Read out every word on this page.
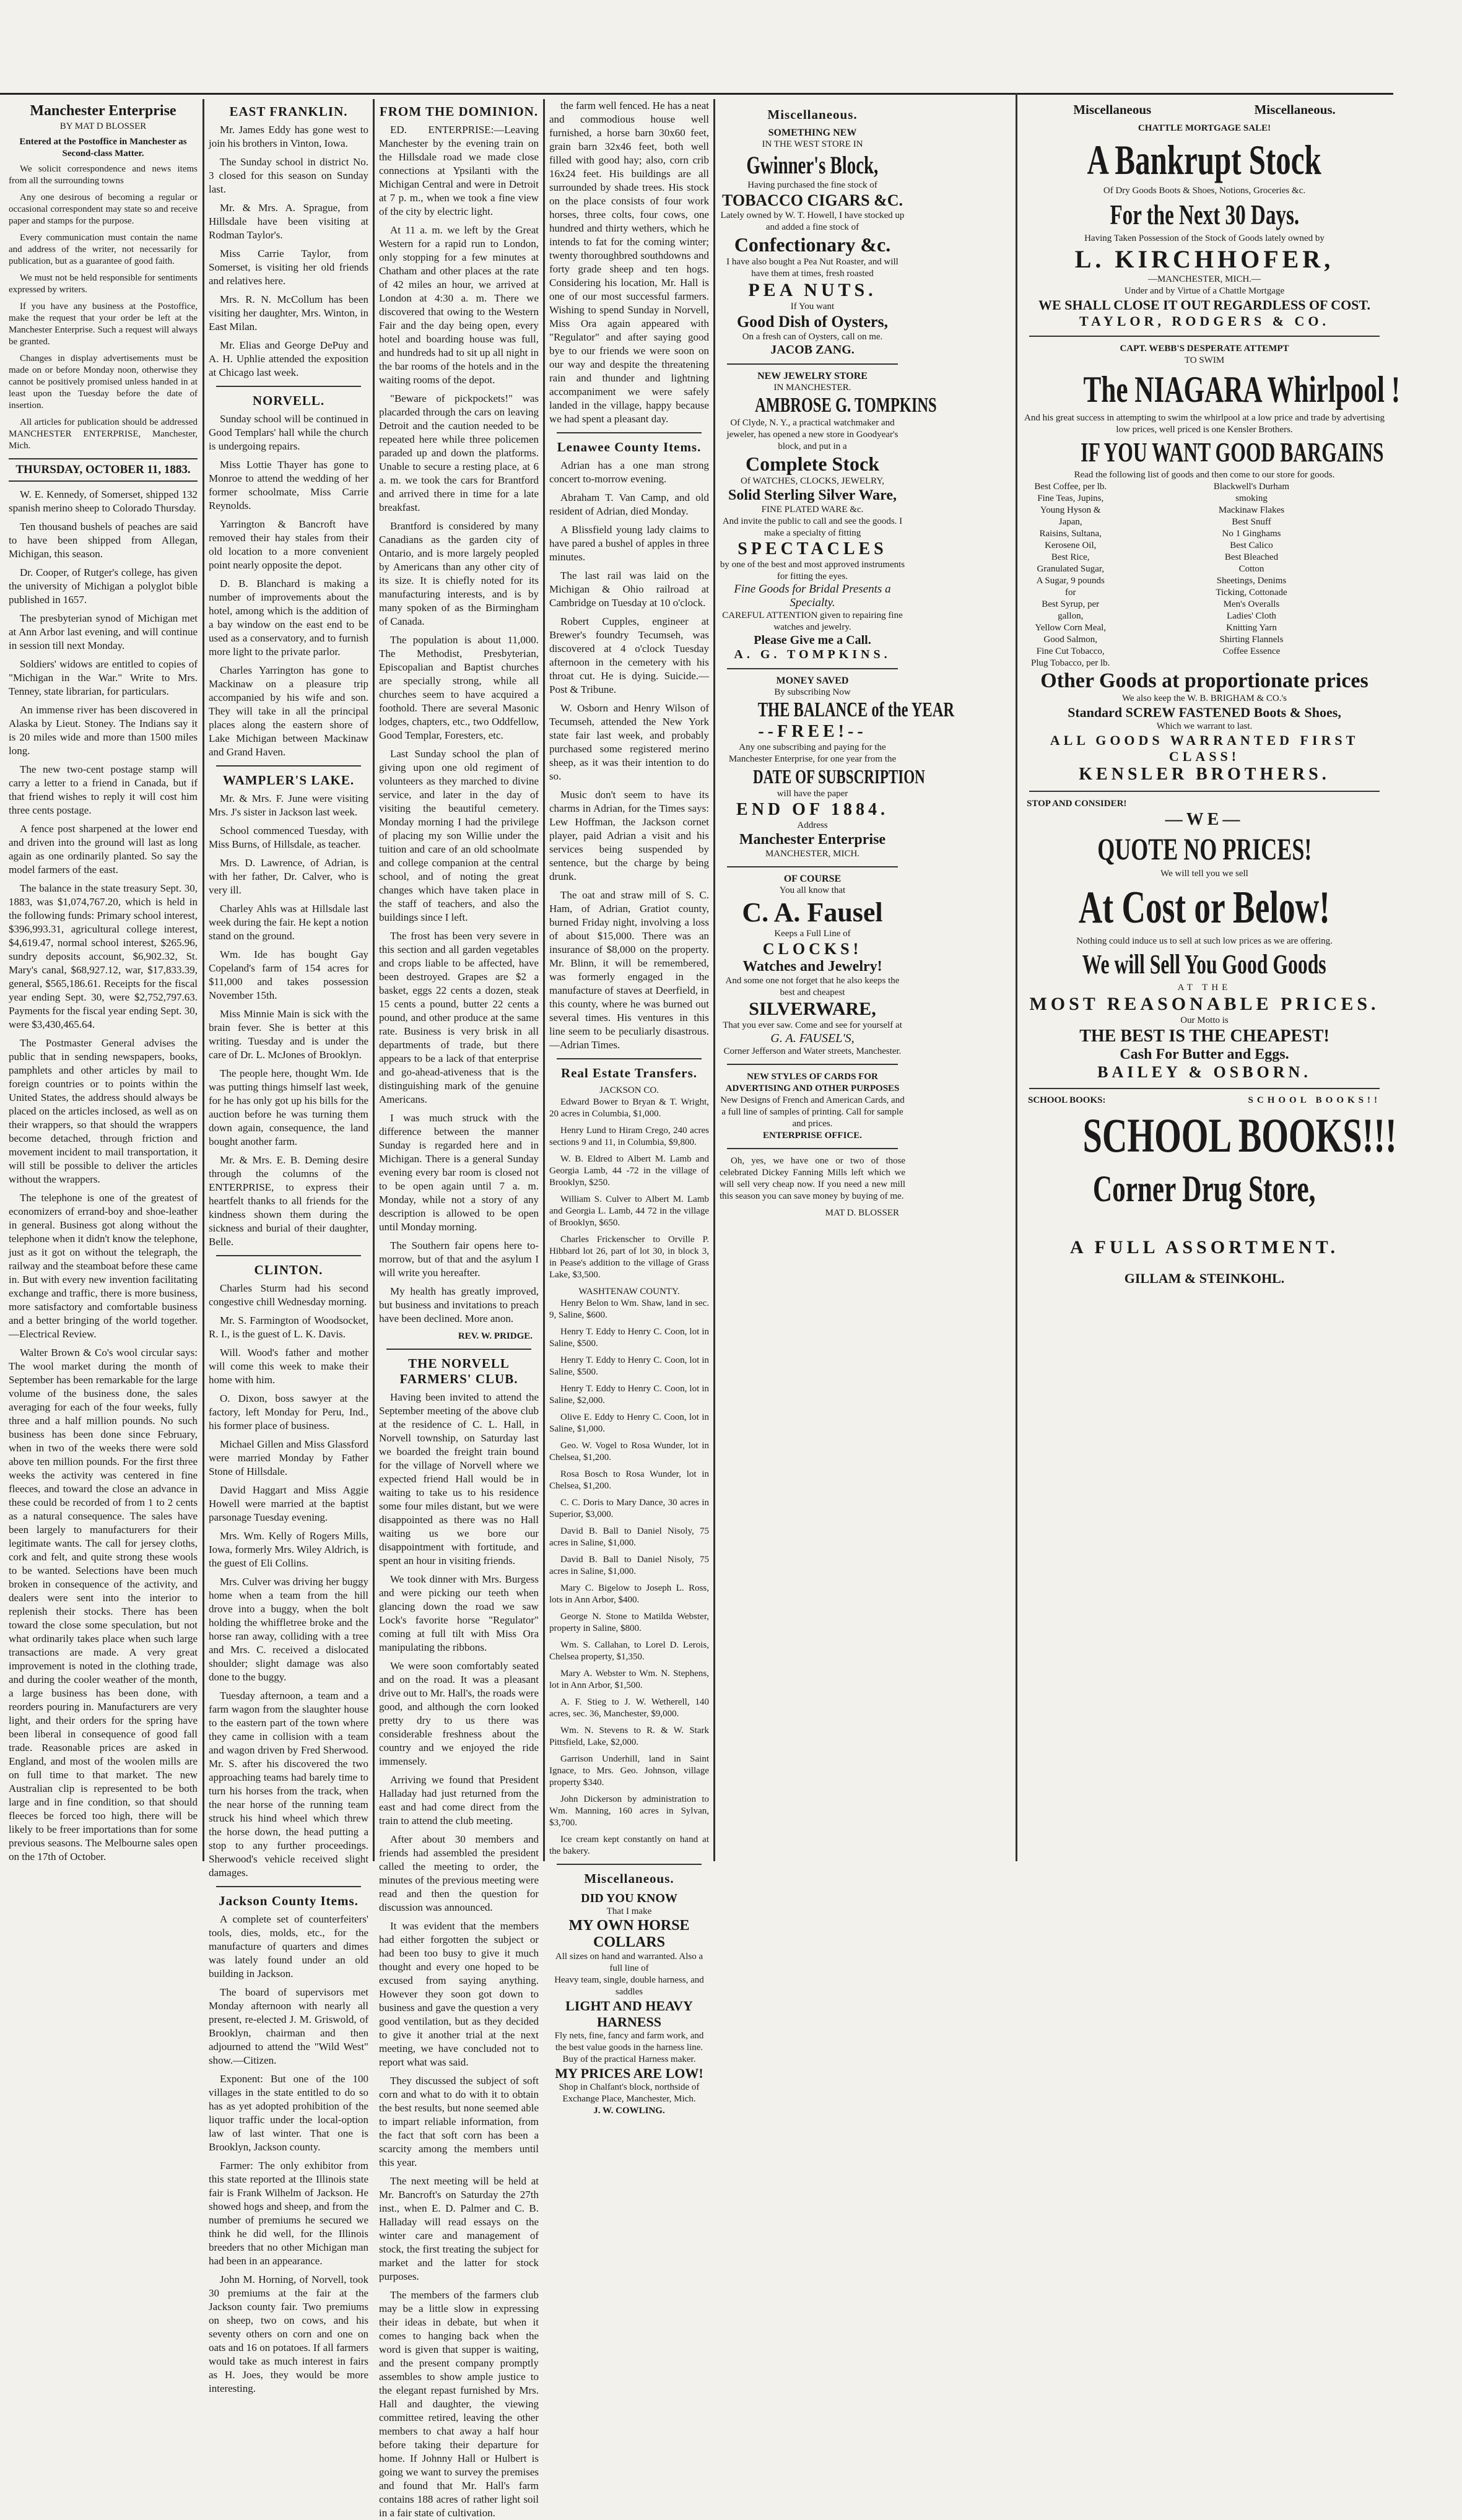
Manchester Enterprise
BY MAT D BLOSSER
Entered at the Postoffice in Manchester as Second-class Matter.
We solicit correspondence and news items from all the surrounding towns
Any one desirous of becoming a regular or occasional correspondent may state so and receive paper and stamps for the purpose.
Every communication must contain the name and address of the writer, not necessarily for publication, but as a guarantee of good faith.
We must not be held responsible for sentiments expressed by writers.
If you have any business at the Postoffice, make the request that your order be left at the Manchester Enterprise. Such a request will always be granted.
Changes in display advertisements must be made on or before Monday noon, otherwise they cannot be positively promised unless handed in at least upon the Tuesday before the date of insertion.
All articles for publication should be addressed MANCHESTER ENTERPRISE, Manchester, Mich.
THURSDAY, OCTOBER 11, 1883.
W. E. Kennedy, of Somerset, shipped 132 spanish merino sheep to Colorado Thursday.
Ten thousand bushels of peaches are said to have been shipped from Allegan, Michigan, this season.
Dr. Cooper, of Rutger's college, has given the university of Michigan a polyglot bible published in 1657.
The presbyterian synod of Michigan met at Ann Arbor last evening, and will continue in session till next Monday.
Soldiers' widows are entitled to copies of "Michigan in the War." Write to Mrs. Tenney, state librarian, for particulars.
An immense river has been discovered in Alaska by Lieut. Stoney. The Indians say it is 20 miles wide and more than 1500 miles long.
The new two-cent postage stamp will carry a letter to a friend in Canada, but if that friend wishes to reply it will cost him three cents postage.
A fence post sharpened at the lower end and driven into the ground will last as long again as one ordinarily planted. So say the model farmers of the east.
The balance in the state treasury Sept. 30, 1883, was $1,074,767.20, which is held in the following funds: Primary school interest, $396,993.31, agricultural college interest, $4,619.47, normal school interest, $265.96, sundry deposits account, $6,902.32, St. Mary's canal, $68,927.12, war, $17,833.39, general, $565,186.61. Receipts for the fiscal year ending Sept. 30, were $2,752,797.63. Payments for the fiscal year ending Sept. 30, were $3,430,465.64.
The Postmaster General advises the public that in sending newspapers, books, pamphlets and other articles by mail to foreign countries or to points within the United States, the address should always be placed on the articles inclosed, as well as on their wrappers, so that should the wrappers become detached, through friction and movement incident to mail transportation, it will still be possible to deliver the articles without the wrappers.
The telephone is one of the greatest of economizers of errand-boy and shoe-leather in general. Business got along without the telephone when it didn't know the telephone, just as it got on without the telegraph, the railway and the steamboat before these came in. But with every new invention facilitating exchange and traffic, there is more business, more satisfactory and comfortable business and a better bringing of the world together.—Electrical Review.
Walter Brown & Co's wool circular says: The wool market during the month of September has been remarkable for the large volume of the business done, the sales averaging for each of the four weeks, fully three and a half million pounds. No such business has been done since February, when in two of the weeks there were sold above ten million pounds. For the first three weeks the activity was centered in fine fleeces, and toward the close an advance in these could be recorded of from 1 to 2 cents as a natural consequence. The sales have been largely to manufacturers for their legitimate wants. The call for jersey cloths, cork and felt, and quite strong these wools to be wanted. Selections have been much broken in consequence of the activity, and dealers were sent into the interior to replenish their stocks. There has been toward the close some speculation, but not what ordinarily takes place when such large transactions are made. A very great improvement is noted in the clothing trade, and during the cooler weather of the month, a large business has been done, with reorders pouring in. Manufacturers are very light, and their orders for the spring have been liberal in consequence of good fall trade. Reasonable prices are asked in England, and most of the woolen mills are on full time to that market. The new Australian clip is represented to be both large and in fine condition, so that should fleeces be forced too high, there will be likely to be freer importations than for some previous seasons. The Melbourne sales open on the 17th of October.
EAST FRANKLIN.
Mr. James Eddy has gone west to join his brothers in Vinton, Iowa.
The Sunday school in district No. 3 closed for this season on Sunday last.
Mr. & Mrs. A. Sprague, from Hillsdale have been visiting at Rodman Taylor's.
Miss Carrie Taylor, from Somerset, is visiting her old friends and relatives here.
Mrs. R. N. McCollum has been visiting her daughter, Mrs. Winton, in East Milan.
Mr. Elias and George DePuy and A. H. Uphlie attended the exposition at Chicago last week.
NORVELL.
Sunday school will be continued in Good Templars' hall while the church is undergoing repairs.
Miss Lottie Thayer has gone to Monroe to attend the wedding of her former schoolmate, Miss Carrie Reynolds.
Yarrington & Bancroft have removed their hay stales from their old location to a more convenient point nearly opposite the depot.
D. B. Blanchard is making a number of improvements about the hotel, among which is the addition of a bay window on the east end to be used as a conservatory, and to furnish more light to the private parlor.
Charles Yarrington has gone to Mackinaw on a pleasure trip accompanied by his wife and son. They will take in all the principal places along the eastern shore of Lake Michigan between Mackinaw and Grand Haven.
WAMPLER'S LAKE.
Mr. & Mrs. F. June were visiting Mrs. J's sister in Jackson last week.
School commenced Tuesday, with Miss Burns, of Hillsdale, as teacher.
Mrs. D. Lawrence, of Adrian, is with her father, Dr. Calver, who is very ill.
Charley Ahls was at Hillsdale last week during the fair. He kept a notion stand on the ground.
Wm. Ide has bought Gay Copeland's farm of 154 acres for $11,000 and takes possession November 15th.
Miss Minnie Main is sick with the brain fever. She is better at this writing. Tuesday and is under the care of Dr. L. McJones of Brooklyn.
The people here, thought Wm. Ide was putting things himself last week, for he has only got up his bills for the auction before he was turning them down again, consequence, the land bought another farm.
Mr. & Mrs. E. B. Deming desire through the columns of the ENTERPRISE, to express their heartfelt thanks to all friends for the kindness shown them during the sickness and burial of their daughter, Belle.
CLINTON.
Charles Sturm had his second congestive chill Wednesday morning.
Mr. S. Farmington of Woodsocket, R. I., is the guest of L. K. Davis.
Will. Wood's father and mother will come this week to make their home with him.
O. Dixon, boss sawyer at the factory, left Monday for Peru, Ind., his former place of business.
Michael Gillen and Miss Glassford were married Monday by Father Stone of Hillsdale.
David Haggart and Miss Aggie Howell were married at the baptist parsonage Tuesday evening.
Mrs. Wm. Kelly of Rogers Mills, Iowa, formerly Mrs. Wiley Aldrich, is the guest of Eli Collins.
Mrs. Culver was driving her buggy home when a team from the hill drove into a buggy, when the bolt holding the whiffletree broke and the horse ran away, colliding with a tree and Mrs. C. received a dislocated shoulder; slight damage was also done to the buggy.
Tuesday afternoon, a team and a farm wagon from the slaughter house to the eastern part of the town where they came in collision with a team and wagon driven by Fred Sherwood. Mr. S. after his discovered the two approaching teams had barely time to turn his horses from the track, when the near horse of the running team struck his hind wheel which threw the horse down, the head putting a stop to any further proceedings. Sherwood's vehicle received slight damages.
Jackson County Items.
A complete set of counterfeiters' tools, dies, molds, etc., for the manufacture of quarters and dimes was lately found under an old building in Jackson.
The board of supervisors met Monday afternoon with nearly all present, re-elected J. M. Griswold, of Brooklyn, chairman and then adjourned to attend the "Wild West" show.—Citizen.
Exponent: But one of the 100 villages in the state entitled to do so has as yet adopted prohibition of the liquor traffic under the local-option law of last winter. That one is Brooklyn, Jackson county.
Farmer: The only exhibitor from this state reported at the Illinois state fair is Frank Wilhelm of Jackson. He showed hogs and sheep, and from the number of premiums he secured we think he did well, for the Illinois breeders that no other Michigan man had been in an appearance.
John M. Horning, of Norvell, took 30 premiums at the fair at the Jackson county fair. Two premiums on sheep, two on cows, and his seventy others on corn and one on oats and 16 on potatoes. If all farmers would take as much interest in fairs as H. Joes, they would be more interesting.
FROM THE DOMINION.
ED. ENTERPRISE:—Leaving Manchester by the evening train on the Hillsdale road we made close connections at Ypsilanti with the Michigan Central and were in Detroit at 7 p. m., when we took a fine view of the city by electric light.
At 11 a. m. we left by the Great Western for a rapid run to London, only stopping for a few minutes at Chatham and other places at the rate of 42 miles an hour, we arrived at London at 4:30 a. m. There we discovered that owing to the Western Fair and the day being open, every hotel and boarding house was full, and hundreds had to sit up all night in the bar rooms of the hotels and in the waiting rooms of the depot.
"Beware of pickpockets!" was placarded through the cars on leaving Detroit and the caution needed to be repeated here while three policemen paraded up and down the platforms. Unable to secure a resting place, at 6 a. m. we took the cars for Brantford and arrived there in time for a late breakfast.
Brantford is considered by many Canadians as the garden city of Ontario, and is more largely peopled by Americans than any other city of its size. It is chiefly noted for its manufacturing interests, and is by many spoken of as the Birmingham of Canada.
The population is about 11,000. The Methodist, Presbyterian, Episcopalian and Baptist churches are specially strong, while all churches seem to have acquired a foothold. There are several Masonic lodges, chapters, etc., two Oddfellow, Good Templar, Foresters, etc.
Last Sunday school the plan of giving upon one old regiment of volunteers as they marched to divine service, and later in the day of visiting the beautiful cemetery. Monday morning I had the privilege of placing my son Willie under the tuition and care of an old schoolmate and college companion at the central school, and of noting the great changes which have taken place in the staff of teachers, and also the buildings since I left.
The frost has been very severe in this section and all garden vegetables and crops liable to be affected, have been destroyed. Grapes are $2 a basket, eggs 22 cents a dozen, steak 15 cents a pound, butter 22 cents a pound, and other produce at the same rate. Business is very brisk in all departments of trade, but there appears to be a lack of that enterprise and go-ahead-ativeness that is the distinguishing mark of the genuine Americans.
I was much struck with the difference between the manner Sunday is regarded here and in Michigan. There is a general Sunday evening every bar room is closed not to be open again until 7 a. m. Monday, while not a story of any description is allowed to be open until Monday morning.
The Southern fair opens here to-morrow, but of that and the asylum I will write you hereafter.
My health has greatly improved, but business and invitations to preach have been declined. More anon.
REV. W. PRIDGE.
THE NORVELL FARMERS' CLUB.
Having been invited to attend the September meeting of the above club at the residence of C. L. Hall, in Norvell township, on Saturday last we boarded the freight train bound for the village of Norvell where we expected friend Hall would be in waiting to take us to his residence some four miles distant, but we were disappointed as there was no Hall waiting us we bore our disappointment with fortitude, and spent an hour in visiting friends.
We took dinner with Mrs. Burgess and were picking our teeth when glancing down the road we saw Lock's favorite horse "Regulator" coming at full tilt with Miss Ora manipulating the ribbons.
We were soon comfortably seated and on the road. It was a pleasant drive out to Mr. Hall's, the roads were good, and although the corn looked pretty dry to us there was considerable freshness about the country and we enjoyed the ride immensely.
Arriving we found that President Halladay had just returned from the east and had come direct from the train to attend the club meeting.
After about 30 members and friends had assembled the president called the meeting to order, the minutes of the previous meeting were read and then the question for discussion was announced.
It was evident that the members had either forgotten the subject or had been too busy to give it much thought and every one hoped to be excused from saying anything. However they soon got down to business and gave the question a very good ventilation, but as they decided to give it another trial at the next meeting, we have concluded not to report what was said.
They discussed the subject of soft corn and what to do with it to obtain the best results, but none seemed able to impart reliable information, from the fact that soft corn has been a scarcity among the members until this year.
The next meeting will be held at Mr. Bancroft's on Saturday the 27th inst., when E. D. Palmer and C. B. Halladay will read essays on the winter care and management of stock, the first treating the subject for market and the latter for stock purposes.
The members of the farmers club may be a little slow in expressing their ideas in debate, but when it comes to hanging back when the word is given that supper is waiting, and the present company promptly assembles to show ample justice to the elegant repast furnished by Mrs. Hall and daughter, the viewing committee retired, leaving the other members to chat away a half hour before taking their departure for home. If Johnny Hall or Hulbert is going we want to survey the premises and found that Mr. Hall's farm contains 188 acres of rather light soil in a fair state of cultivation.
the farm well fenced. He has a neat and commodious house well furnished, a horse barn 30x60 feet, grain barn 32x46 feet, both well filled with good hay; also, corn crib 16x24 feet. His buildings are all surrounded by shade trees. His stock on the place consists of four work horses, three colts, four cows, one hundred and thirty wethers, which he intends to fat for the coming winter; twenty thoroughbred southdowns and forty grade sheep and ten hogs. Considering his location, Mr. Hall is one of our most successful farmers. Wishing to spend Sunday in Norvell, Miss Ora again appeared with "Regulator" and after saying good bye to our friends we were soon on our way and despite the threatening rain and thunder and lightning accompaniment we were safely landed in the village, happy because we had spent a pleasant day.
Lenawee County Items.
Adrian has a one man strong concert to-morrow evening.
Abraham T. Van Camp, and old resident of Adrian, died Monday.
A Blissfield young lady claims to have pared a bushel of apples in three minutes.
The last rail was laid on the Michigan & Ohio railroad at Cambridge on Tuesday at 10 o'clock.
Robert Cupples, engineer at Brewer's foundry Tecumseh, was discovered at 4 o'clock Tuesday afternoon in the cemetery with his throat cut. He is dying. Suicide.—Post & Tribune.
W. Osborn and Henry Wilson of Tecumseh, attended the New York state fair last week, and probably purchased some registered merino sheep, as it was their intention to do so.
Music don't seem to have its charms in Adrian, for the Times says: Lew Hoffman, the Jackson cornet player, paid Adrian a visit and his services being suspended by sentence, but the charge by being drunk.
The oat and straw mill of S. C. Ham, of Adrian, Gratiot county, burned Friday night, involving a loss of about $15,000. There was an insurance of $8,000 on the property. Mr. Blinn, it will be remembered, was formerly engaged in the manufacture of staves at Deerfield, in this county, where he was burned out several times. His ventures in this line seem to be peculiarly disastrous.—Adrian Times.
Real Estate Transfers.
JACKSON CO.
Edward Bower to Bryan & T. Wright, 20 acres in Columbia, $1,000.
Henry Lund to Hiram Crego, 240 acres sections 9 and 11, in Columbia, $9,800.
W. B. Eldred to Albert M. Lamb and Georgia Lamb, 44 -72 in the village of Brooklyn, $250.
William S. Culver to Albert M. Lamb and Georgia L. Lamb, 44 72 in the village of Brooklyn, $650.
Charles Frickenscher to Orville P. Hibbard lot 26, part of lot 30, in block 3, in Pease's addition to the village of Grass Lake, $3,500.
WASHTENAW COUNTY.
Henry Belon to Wm. Shaw, land in sec. 9, Saline, $600.
Henry T. Eddy to Henry C. Coon, lot in Saline, $500.
Henry T. Eddy to Henry C. Coon, lot in Saline, $500.
Henry T. Eddy to Henry C. Coon, lot in Saline, $2,000.
Olive E. Eddy to Henry C. Coon, lot in Saline, $1,000.
Geo. W. Vogel to Rosa Wunder, lot in Chelsea, $1,200.
Rosa Bosch to Rosa Wunder, lot in Chelsea, $1,200.
C. C. Doris to Mary Dance, 30 acres in Superior, $3,000.
David B. Ball to Daniel Nisoly, 75 acres in Saline, $1,000.
David B. Ball to Daniel Nisoly, 75 acres in Saline, $1,000.
Mary C. Bigelow to Joseph L. Ross, lots in Ann Arbor, $400.
George N. Stone to Matilda Webster, property in Saline, $800.
Wm. S. Callahan, to Lorel D. Lerois, Chelsea property, $1,350.
Mary A. Webster to Wm. N. Stephens, lot in Ann Arbor, $1,500.
A. F. Stieg to J. W. Wetherell, 140 acres, sec. 36, Manchester, $9,000.
Wm. N. Stevens to R. & W. Stark Pittsfield, Lake, $2,000.
Garrison Underhill, land in Saint Ignace, to Mrs. Geo. Johnson, village property $340.
John Dickerson by administration to Wm. Manning, 160 acres in Sylvan, $3,700.
Ice cream kept constantly on hand at the bakery.
Miscellaneous.
DID YOU KNOW
That I make
MY OWN HORSE COLLARS
All sizes on hand and warranted. Also a full line of
Heavy team, single, double harness, and saddles
LIGHT AND HEAVY HARNESS
Fly nets, fine, fancy and farm work, and the best value goods in the harness line. Buy of the practical Harness maker.
MY PRICES ARE LOW!
Shop in Chalfant's block, northside of Exchange Place, Manchester, Mich.
J. W. COWLING.
Miscellaneous.
SOMETHING NEW
IN THE WEST STORE IN
Gwinner's Block,
Having purchased the fine stock of
TOBACCO CIGARS &C.
Lately owned by W. T. Howell, I have stocked up and added a fine stock of
Confectionary &c.
I have also bought a Pea Nut Roaster, and will have them at times, fresh roasted
PEA NUTS.
If You want
Good Dish of Oysters,
On a fresh can of Oysters, call on me.
JACOB ZANG.
NEW JEWELRY STORE
IN MANCHESTER.
AMBROSE G. TOMPKINS
Of Clyde, N. Y., a practical watchmaker and jeweler, has opened a new store in Goodyear's block, and put in a
Complete Stock
Of WATCHES, CLOCKS, JEWELRY,
Solid Sterling Silver Ware,
FINE PLATED WARE &c.
And invite the public to call and see the goods. I make a specialty of fitting
SPECTACLES
by one of the best and most approved instruments for fitting the eyes.
Fine Goods for Bridal Presents a Specialty.
CAREFUL ATTENTION given to repairing fine watches and jewelry.
Please Give me a Call.
A. G. TOMPKINS.
MONEY SAVED
By subscribing Now
THE BALANCE of the YEAR
--FREE!--
Any one subscribing and paying for the Manchester Enterprise, for one year from the
DATE OF SUBSCRIPTION
will have the paper
END OF 1884.
Address
Manchester Enterprise
MANCHESTER, MICH.
OF COURSE
You all know that
C. A. Fausel
Keeps a Full Line of
CLOCKS!
Watches and Jewelry!
And some one not forget that he also keeps the best and cheapest
SILVERWARE,
That you ever saw. Come and see for yourself at
G. A. FAUSEL'S,
Corner Jefferson and Water streets, Manchester.
NEW STYLES OF CARDS FOR ADVERTISING AND OTHER PURPOSES
New Designs of French and American Cards, and a full line of samples of printing. Call for sample and prices.
ENTERPRISE OFFICE.
Oh, yes, we have one or two of those celebrated Dickey Fanning Mills left which we will sell very cheap now. If you need a new mill this season you can save money by buying of me.
MAT D. BLOSSER
Miscellaneous	Miscellaneous.
CHATTLE MORTGAGE SALE!
A Bankrupt Stock
Of Dry Goods Boots & Shoes, Notions, Groceries &c.
For the Next 30 Days.
Having Taken Possession of the Stock of Goods lately owned by
L. KIRCHHOFER,
—MANCHESTER, MICH.—
Under and by Virtue of a Chattle Mortgage
WE SHALL CLOSE IT OUT REGARDLESS OF COST.
TAYLOR, RODGERS & CO.
CAPT. WEBB'S DESPERATE ATTEMPT
TO SWIM
The NIAGARA Whirlpool !
And his great success in attempting to swim the whirlpool at a low price and trade by advertising low prices, well priced is one Kensler Brothers.
IF YOU WANT GOOD BARGAINS
Read the following list of goods and then come to our store for goods.
Best Coffee, per lb.
Fine Teas, Jupins,
Young Hyson & Japan,
Raisins, Sultana,
Kerosene Oil,
Best Rice,
Granulated Sugar,
A Sugar, 9 pounds for
Best Syrup, per gallon,
Yellow Corn Meal,
Good Salmon,
Fine Cut Tobacco,
Plug Tobacco, per lb.
Blackwell's Durham smoking
Mackinaw Flakes
Best Snuff
No 1 Ginghams
Best Calico
Best Bleached Cotton
Sheetings, Denims
Ticking, Cottonade
Men's Overalls
Ladies' Cloth
Knitting Yarn
Shirting Flannels
Coffee Essence
Other Goods at proportionate prices
We also keep the W. B. BRIGHAM & CO.'s
Standard SCREW FASTENED Boots & Shoes,
Which we warrant to last.
ALL GOODS WARRANTED FIRST CLASS!
KENSLER BROTHERS.
STOP AND CONSIDER!
—WE—
QUOTE NO PRICES!
We will tell you we sell
At Cost or Below!
Nothing could induce us to sell at such low prices as we are offering.
We will Sell You Good Goods
AT THE
MOST REASONABLE PRICES.
Our Motto is
THE BEST IS THE CHEAPEST!
Cash For Butter and Eggs.
BAILEY & OSBORN.
SCHOOL BOOKS:	SCHOOL BOOKS!!
SCHOOL BOOKS!!!
Corner Drug Store,
A FULL ASSORTMENT.
GILLAM & STEINKOHL.
